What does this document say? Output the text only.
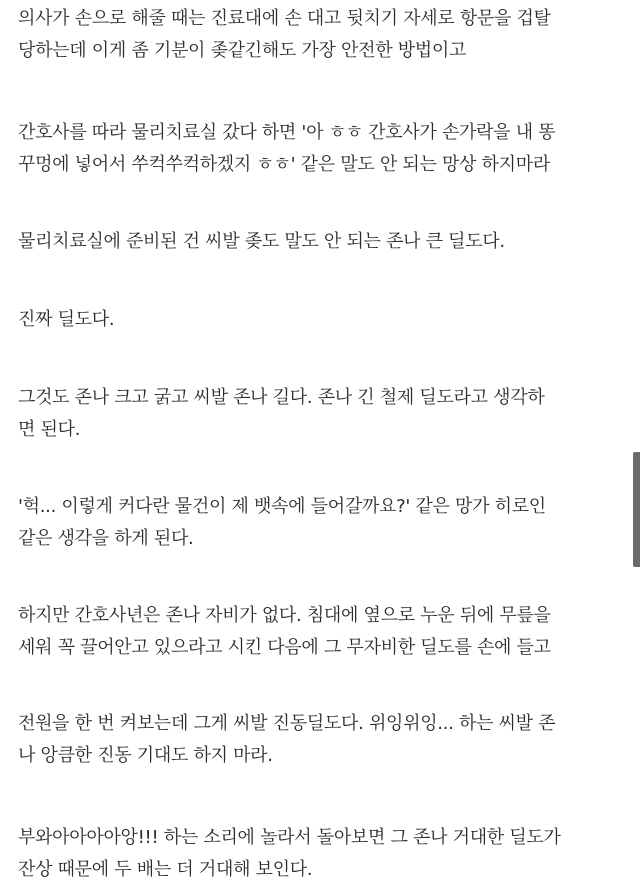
의사가 손으로 해줄 때는 진료대에 손 대고 뒷치기 자세로 항문을 겁탈
당하는데 이게 좀 기분이 좆같긴해도 가장 안전한 방법이고

간호사를 따라 물리치료실 갔다 하면 '아 ㅎㅎ 간호사가 손가락을 내 똥
꾸멍에 넣어서 쑤컥쑤컥하겠지 ㅎㅎ' 같은 말도 안 되는 망상 하지마라

물리치료실에 준비된 건 씨발 좆도 말도 안 되는 존나 큰 딜도다.

진짜 딜도다.

그것도 존나 크고 굵고 씨발 존나 길다. 존나 긴 철제 딜도라고 생각하
면 된다.

'헉... 이렇게 커다란 물건이 제 뱃속에 들어갈까요?' 같은 망가 히로인
같은 생각을 하게 된다.

하지만 간호사년은 존나 자비가 없다. 침대에 옆으로 누운 뒤에 무릎을
세워 꼭 끌어안고 있으라고 시킨 다음에 그 무자비한 딜도를 손에 들고

전원을 한 번 켜보는데 그게 씨발 진동딜도다. 위잉위잉... 하는 씨발 존
나 앙큼한 진동 기대도 하지 마라.

부와아아아아앙!!! 하는 소리에 놀라서 돌아보면 그 존나 거대한 딜도가
잔상 때문에 두 배는 더 거대해 보인다.
